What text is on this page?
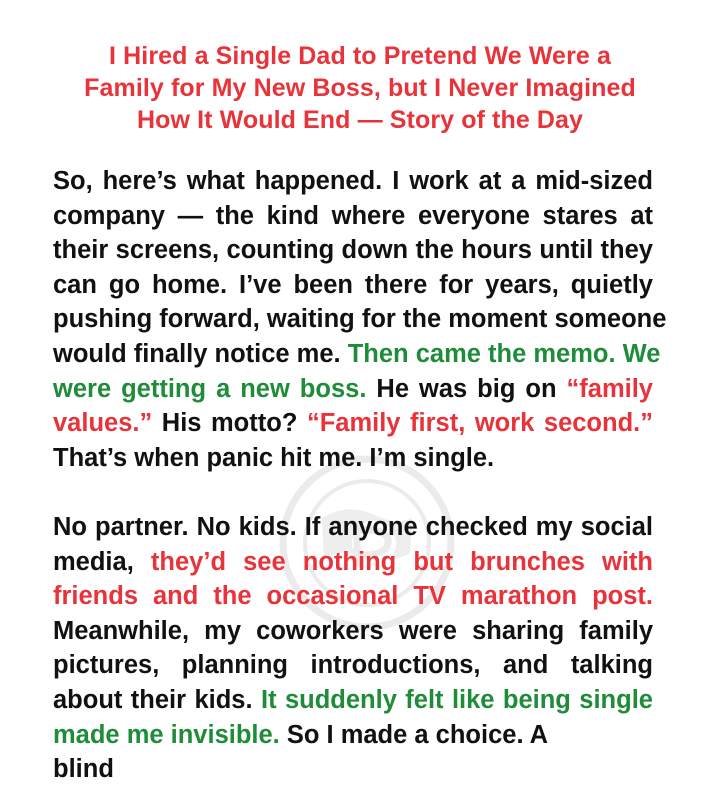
I Hired a Single Dad to Pretend We Were a
Family for My New Boss, but I Never Imagined
How It Would End — Story of the Day
So, here’s what happened. I work at a mid-sized
company — the kind where everyone stares at
their screens, counting down the hours until they
can go home. I’ve been there for years, quietly
pushing forward, waiting for the moment someone
would finally notice me. Then came the memo. We
were getting a new boss. He was big on “family
values.” His motto? “Family first, work second.”
That’s when panic hit me. I’m single.
No partner. No kids. If anyone checked my social
media, they’d see nothing but brunches with
friends and the occasional TV marathon post.
Meanwhile, my coworkers were sharing family
pictures, planning introductions, and talking
about their kids. It suddenly felt like being single
made me invisible. So I made a choice. A
blind
